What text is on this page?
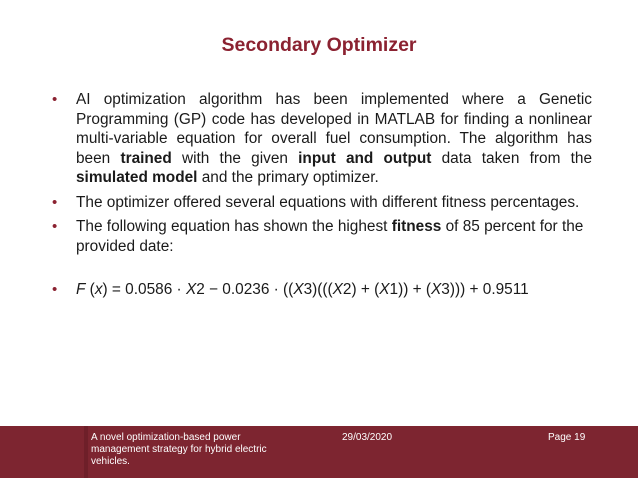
Secondary Optimizer
• AI optimization algorithm has been implemented where a Genetic Programming (GP) code has developed in MATLAB for finding a nonlinear multi-variable equation for overall fuel consumption. The algorithm has been trained with the given input and output data taken from the simulated model and the primary optimizer.
• The optimizer offered several equations with different fitness percentages.
• The following equation has shown the highest fitness of 85 percent for the provided date:
• F (x) = 0.0586 · X2 − 0.0236 · ((X3)(((X2) + (X1)) + (X3))) + 0.9511
A novel optimization-based power management strategy for hybrid electric vehicles.
29/03/2020	Page 19
